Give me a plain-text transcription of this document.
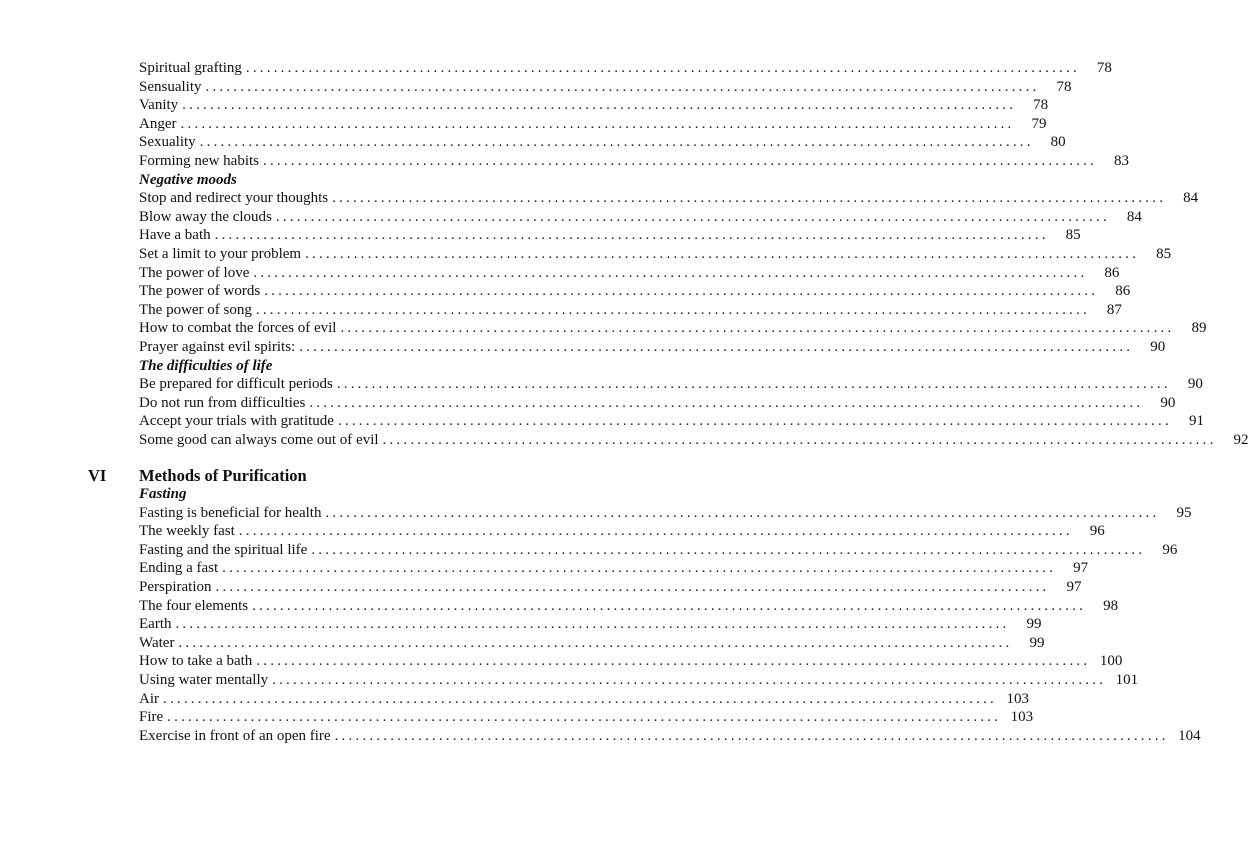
Spiritual grafting ........................................................................................................................	78
Sensuality ........................................................................................................................	78
Vanity ........................................................................................................................	78
Anger ........................................................................................................................	79
Sexuality ........................................................................................................................	80
Forming new habits ........................................................................................................................	83
Negative moods
Stop and redirect your thoughts ........................................................................................................................	84
Blow away the clouds ........................................................................................................................	84
Have a bath ........................................................................................................................	85
Set a limit to your problem ........................................................................................................................	85
The power of love ........................................................................................................................	86
The power of words ........................................................................................................................	86
The power of song ........................................................................................................................	87
How to combat the forces of evil ........................................................................................................................	89
Prayer against evil spirits: ........................................................................................................................	90
The difficulties of life
Be prepared for difficult periods ........................................................................................................................	90
Do not run from difficulties ........................................................................................................................	90
Accept your trials with gratitude ........................................................................................................................	91
Some good can always come out of evil ........................................................................................................................	92
VI Methods of Purification
Fasting
Fasting is beneficial for health ........................................................................................................................	95
The weekly fast ........................................................................................................................	96
Fasting and the spiritual life ........................................................................................................................	96
Ending a fast ........................................................................................................................	97
Perspiration ........................................................................................................................	97
The four elements ........................................................................................................................	98
Earth ........................................................................................................................	99
Water ........................................................................................................................	99
How to take a bath ........................................................................................................................ 100
Using water mentally ........................................................................................................................ 101
Air ........................................................................................................................ 103
Fire ........................................................................................................................ 103
Exercise in front of an open fire ........................................................................................................................ 104
